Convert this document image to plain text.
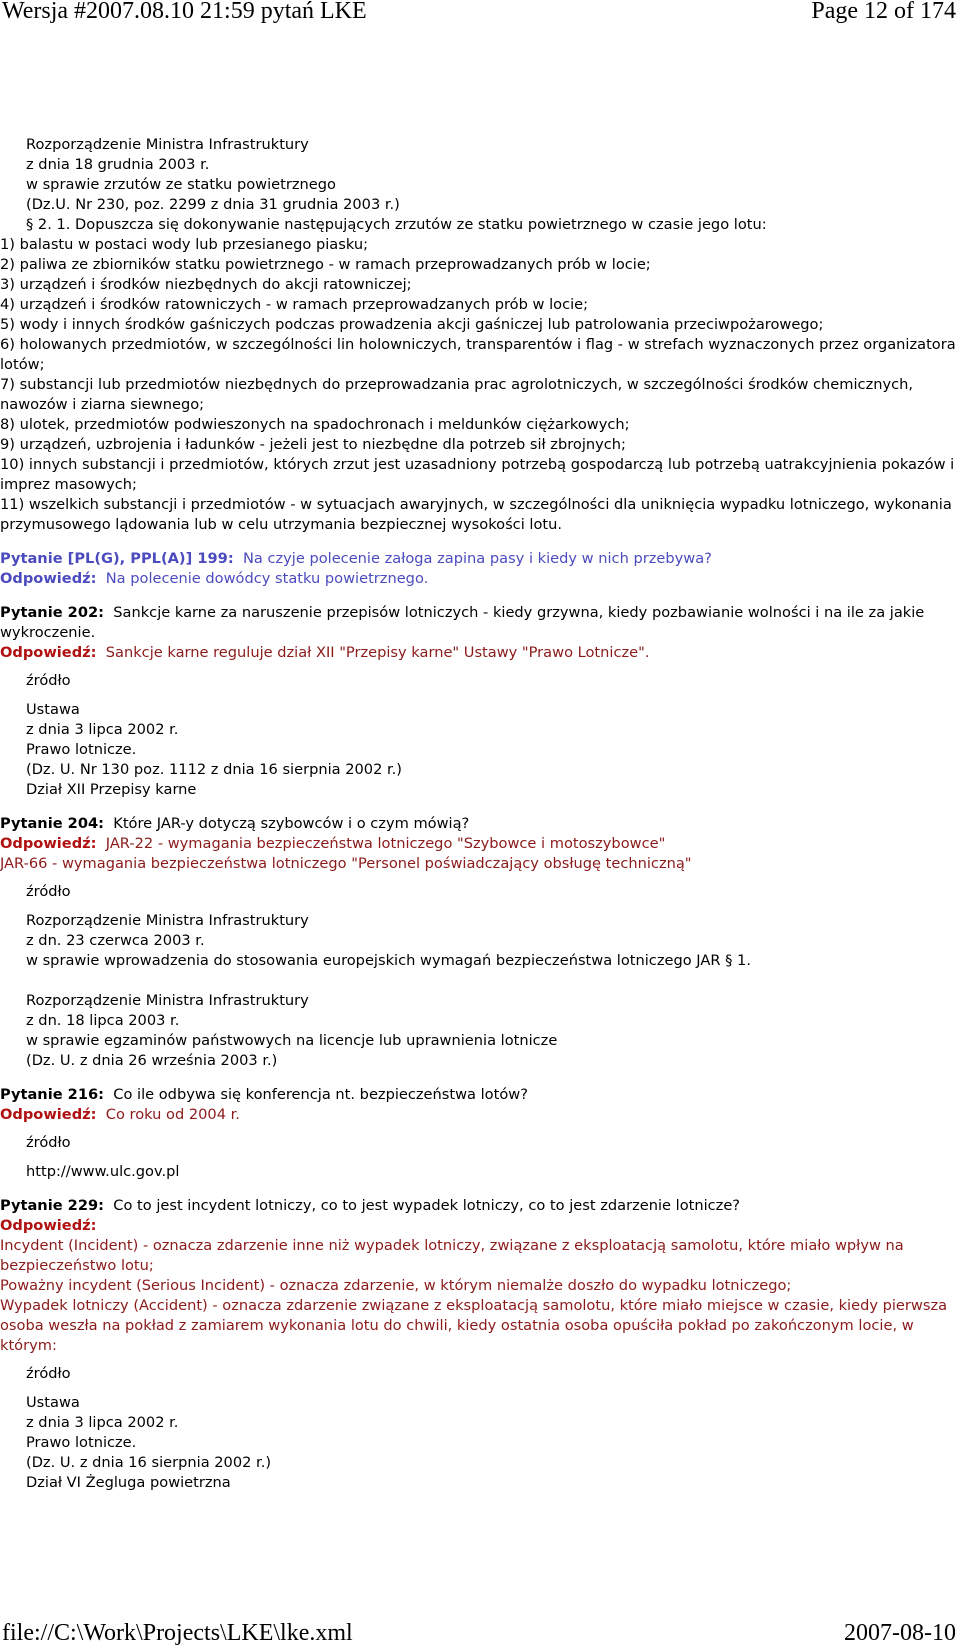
Wersja #2007.08.10 21:59 pytań LKE	Page 12 of 174
Rozporządzenie Ministra Infrastruktury
z dnia 18 grudnia 2003 r.
w sprawie zrzutów ze statku powietrznego
(Dz.U. Nr 230, poz. 2299 z dnia 31 grudnia 2003 r.)
§ 2. 1. Dopuszcza się dokonywanie następujących zrzutów ze statku powietrznego w czasie jego lotu:
1) balastu w postaci wody lub przesianego piasku;
2) paliwa ze zbiorników statku powietrznego - w ramach przeprowadzanych prób w locie;
3) urządzeń i środków niezbędnych do akcji ratowniczej;
4) urządzeń i środków ratowniczych - w ramach przeprowadzanych prób w locie;
5) wody i innych środków gaśniczych podczas prowadzenia akcji gaśniczej lub patrolowania przeciwpożarowego;
6) holowanych przedmiotów, w szczególności lin holowniczych, transparentów i flag - w strefach wyznaczonych przez organizatora lotów;
7) substancji lub przedmiotów niezbędnych do przeprowadzania prac agrolotniczych, w szczególności środków chemicznych, nawozów i ziarna siewnego;
8) ulotek, przedmiotów podwieszonych na spadochronach i meldunków ciężarkowych;
9) urządzeń, uzbrojenia i ładunków - jeżeli jest to niezbędne dla potrzeb sił zbrojnych;
10) innych substancji i przedmiotów, których zrzut jest uzasadniony potrzebą gospodarczą lub potrzebą uatrakcyjnienia pokazów i imprez masowych;
11) wszelkich substancji i przedmiotów - w sytuacjach awaryjnych, w szczególności dla uniknięcia wypadku lotniczego, wykonania przymusowego lądowania lub w celu utrzymania bezpiecznej wysokości lotu.
Pytanie [PL(G), PPL(A)] 199: Na czyje polecenie załoga zapina pasy i kiedy w nich przebywa?
Odpowiedź: Na polecenie dowódcy statku powietrznego.
Pytanie 202: Sankcje karne za naruszenie przepisów lotniczych - kiedy grzywna, kiedy pozbawianie wolności i na ile za jakie wykroczenie.
Odpowiedź: Sankcje karne reguluje dział XII "Przepisy karne" Ustawy "Prawo Lotnicze".
źródło
Ustawa
z dnia 3 lipca 2002 r.
Prawo lotnicze.
(Dz. U. Nr 130 poz. 1112 z dnia 16 sierpnia 2002 r.)
Dział XII Przepisy karne
Pytanie 204: Które JAR-y dotyczą szybowców i o czym mówią?
Odpowiedź: JAR-22 - wymagania bezpieczeństwa lotniczego "Szybowce i motoszybowce"
JAR-66 - wymagania bezpieczeństwa lotniczego "Personel poświadczający obsługę techniczną"
źródło
Rozporządzenie Ministra Infrastruktury
z dn. 23 czerwca 2003 r.
w sprawie wprowadzenia do stosowania europejskich wymagań bezpieczeństwa lotniczego JAR § 1.
Rozporządzenie Ministra Infrastruktury
z dn. 18 lipca 2003 r.
w sprawie egzaminów państwowych na licencje lub uprawnienia lotnicze
(Dz. U. z dnia 26 września 2003 r.)
Pytanie 216: Co ile odbywa się konferencja nt. bezpieczeństwa lotów?
Odpowiedź: Co roku od 2004 r.
źródło
http://www.ulc.gov.pl
Pytanie 229: Co to jest incydent lotniczy, co to jest wypadek lotniczy, co to jest zdarzenie lotnicze?
Odpowiedź:
Incydent (Incident) - oznacza zdarzenie inne niż wypadek lotniczy, związane z eksploatacją samolotu, które miało wpływ na bezpieczeństwo lotu;
Poważny incydent (Serious Incident) - oznacza zdarzenie, w którym niemalże doszło do wypadku lotniczego;
Wypadek lotniczy (Accident) - oznacza zdarzenie związane z eksploatacją samolotu, które miało miejsce w czasie, kiedy pierwsza osoba weszła na pokład z zamiarem wykonania lotu do chwili, kiedy ostatnia osoba opuściła pokład po zakończonym locie, w którym:
źródło
Ustawa
z dnia 3 lipca 2002 r.
Prawo lotnicze.
(Dz. U. z dnia 16 sierpnia 2002 r.)
Dział VI Żegluga powietrzna
file://C:\Work\Projects\LKE\lke.xml	2007-08-10
